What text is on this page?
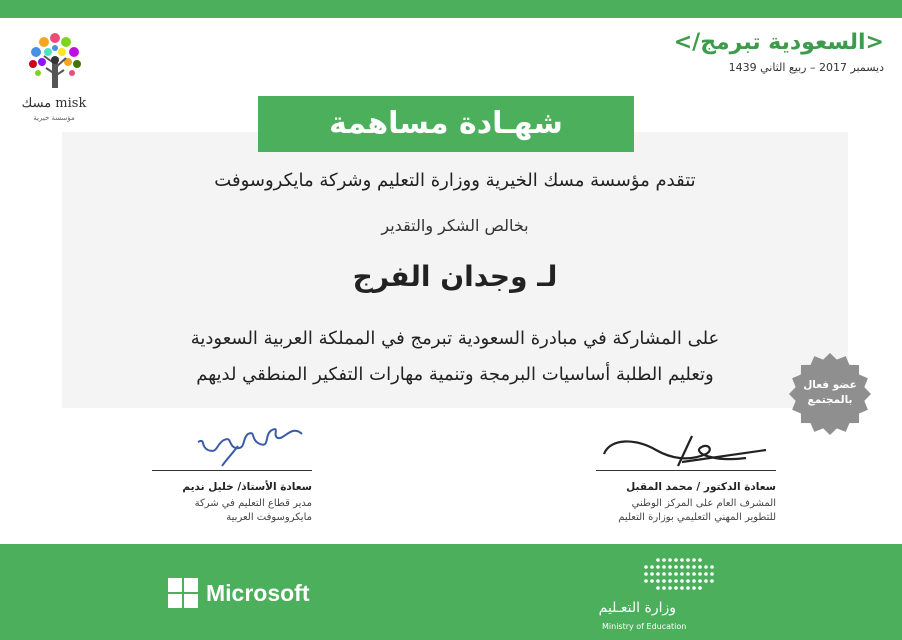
<السعودية تبرمج/>
ديسمبر 2017 – ربيع الثاني 1439
مسك misk
مؤسسة خيرية	شهـادة مساهمة
تتقدم مؤسسة مسك الخيرية ووزارة التعليم وشركة مايكروسوفت
بخالص الشكر والتقدير
لـ وجدان الفرج
على المشاركة في مبادرة السعودية تبرمج في المملكة العربية السعودية
وتعليم الطلبة أساسيات البرمجة وتنمية مهارات التفكير المنطقي لديهم	عضو فعال
بالمجتمع
سعادة الأستاذ/ خليل نديم
مدير قطاع التعليم في شركة
مايكروسوفت العربية
سعادة الدكتور / محمد المقبل
المشرف العام على المركز الوطني
للتطوير المهني التعليمي بوزارة التعليم
Microsoft
وزارة التعـليم
Ministry of Education
